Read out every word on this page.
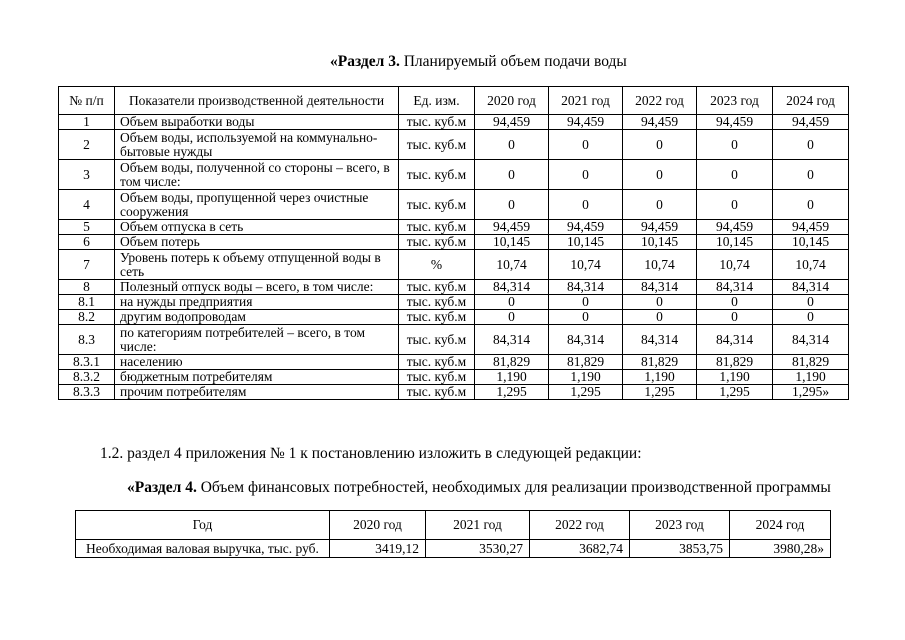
«Раздел 3. Планируемый объем подачи воды
№ п/п	Показатели производственной деятельности	Ед. изм.	2020 год	2021 год	2022 год	2023 год	2024 год
1	Объем выработки воды	тыс. куб.м	94,459	94,459	94,459	94,459	94,459
2	Объем воды, используемой на коммунально-бытовые нужды	тыс. куб.м	0	0	0	0	0
3	Объем воды, полученной со стороны – всего, в том числе:	тыс. куб.м	0	0	0	0	0
4	Объем воды, пропущенной через очистные сооружения	тыс. куб.м	0	0	0	0	0
5	Объем отпуска в сеть	тыс. куб.м	94,459	94,459	94,459	94,459	94,459
6	Объем потерь	тыс. куб.м	10,145	10,145	10,145	10,145	10,145
7	Уровень потерь к объему отпущенной воды в сеть	%	10,74	10,74	10,74	10,74	10,74
8	Полезный отпуск воды – всего, в том числе:	тыс. куб.м	84,314	84,314	84,314	84,314	84,314
8.1	на нужды предприятия	тыс. куб.м	0	0	0	0	0
8.2	другим водопроводам	тыс. куб.м	0	0	0	0	0
8.3	по категориям потребителей – всего, в том числе:	тыс. куб.м	84,314	84,314	84,314	84,314	84,314
8.3.1	населению	тыс. куб.м	81,829	81,829	81,829	81,829	81,829
8.3.2	бюджетным потребителям	тыс. куб.м	1,190	1,190	1,190	1,190	1,190
8.3.3	прочим потребителям	тыс. куб.м	1,295	1,295	1,295	1,295	1,295»
1.2. раздел 4 приложения № 1 к постановлению изложить в следующей редакции:
«Раздел 4. Объем финансовых потребностей, необходимых для реализации производственной программы
Год	2020 год	2021 год	2022 год	2023 год	2024 год
Необходимая валовая выручка, тыс. руб.	3419,12	3530,27	3682,74	3853,75	3980,28»
